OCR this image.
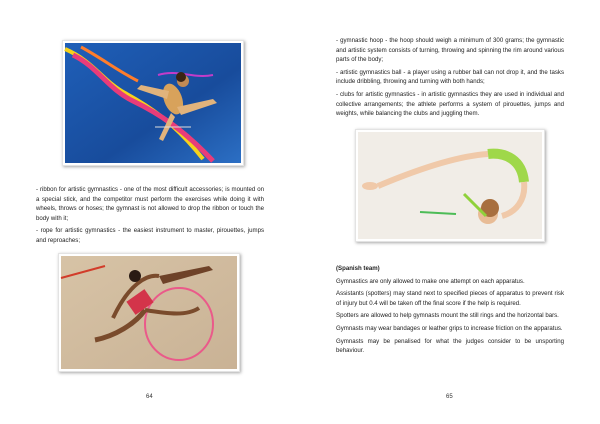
- ribbon for artistic gymnastics - one of the most difficult accessories; is mounted on a special stick, and the competitor must perform the exercises while doing it with wheels, throws or hoses; the gymnast is not allowed to drop the ribbon or touch the body with it;

- rope for artistic gymnastics - the easiest instrument to master, pirouettes, jumps and reproaches;

64

- gymnastic hoop - the hoop should weigh a minimum of 300 grams; the gymnastic and artistic system consists of turning, throwing and spinning the rim around various parts of the body;

- artistic gymnastics ball - a player using a rubber ball can not drop it, and the tasks include dribbling, throwing and turning with both hands;

- clubs for artistic gymnastics - in artistic gymnastics they are used in individual and collective arrangements; the athlete performs a system of pirouettes, jumps and weights, while balancing the clubs and juggling them.

(Spanish team)

Gymnastics are only allowed to make one attempt on each apparatus.

Assistants (spotters) may stand next to specified pieces of apparatus to prevent risk of injury but 0.4 will be taken off the final score if the help is required.

Spotters are allowed to help gymnasts mount the still rings and the horizontal bars.

Gymnasts may wear bandages or leather grips to increase friction on the apparatus.

Gymnasts may be penalised for what the judges consider to be unsporting behaviour.

65
